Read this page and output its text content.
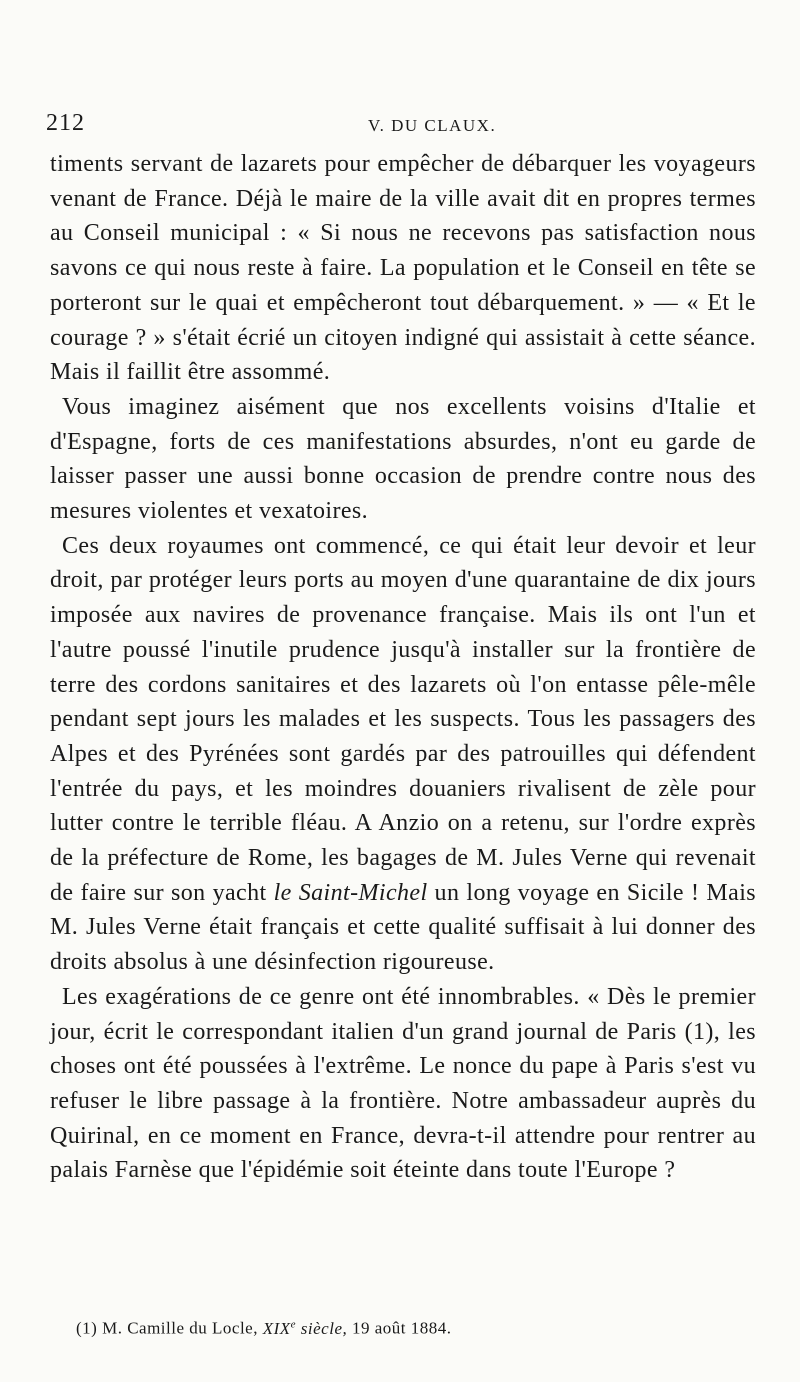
212	V. DU CLAUX.

timents servant de lazarets pour empêcher de débarquer les voyageurs venant de France. Déjà le maire de la ville avait dit en propres termes au Conseil municipal : « Si nous ne recevons pas satisfaction nous savons ce qui nous reste à faire. La population et le Conseil en tête se porteront sur le quai et empêcheront tout débarquement. » — « Et le courage ? » s'était écrié un citoyen indigné qui assistait à cette séance. Mais il faillit être assommé.

Vous imaginez aisément que nos excellents voisins d'Italie et d'Espagne, forts de ces manifestations absurdes, n'ont eu garde de laisser passer une aussi bonne occasion de prendre contre nous des mesures violentes et vexatoires.

Ces deux royaumes ont commencé, ce qui était leur devoir et leur droit, par protéger leurs ports au moyen d'une quarantaine de dix jours imposée aux navires de provenance française. Mais ils ont l'un et l'autre poussé l'inutile prudence jusqu'à installer sur la frontière de terre des cordons sanitaires et des lazarets où l'on entasse pêle-mêle pendant sept jours les malades et les suspects. Tous les passagers des Alpes et des Pyrénées sont gardés par des patrouilles qui défendent l'entrée du pays, et les moindres douaniers rivalisent de zèle pour lutter contre le terrible fléau. A Anzio on a retenu, sur l'ordre exprès de la préfecture de Rome, les bagages de M. Jules Verne qui revenait de faire sur son yacht le Saint-Michel un long voyage en Sicile ! Mais M. Jules Verne était français et cette qualité suffisait à lui donner des droits absolus à une désinfection rigoureuse.

Les exagérations de ce genre ont été innombrables. « Dès le premier jour, écrit le correspondant italien d'un grand journal de Paris (1), les choses ont été poussées à l'extrême. Le nonce du pape à Paris s'est vu refuser le libre passage à la frontière. Notre ambassadeur auprès du Quirinal, en ce moment en France, devra-t-il attendre pour rentrer au palais Farnèse que l'épidémie soit éteinte dans toute l'Europe ?

(1) M. Camille du Locle, XIXe siècle, 19 août 1884.
